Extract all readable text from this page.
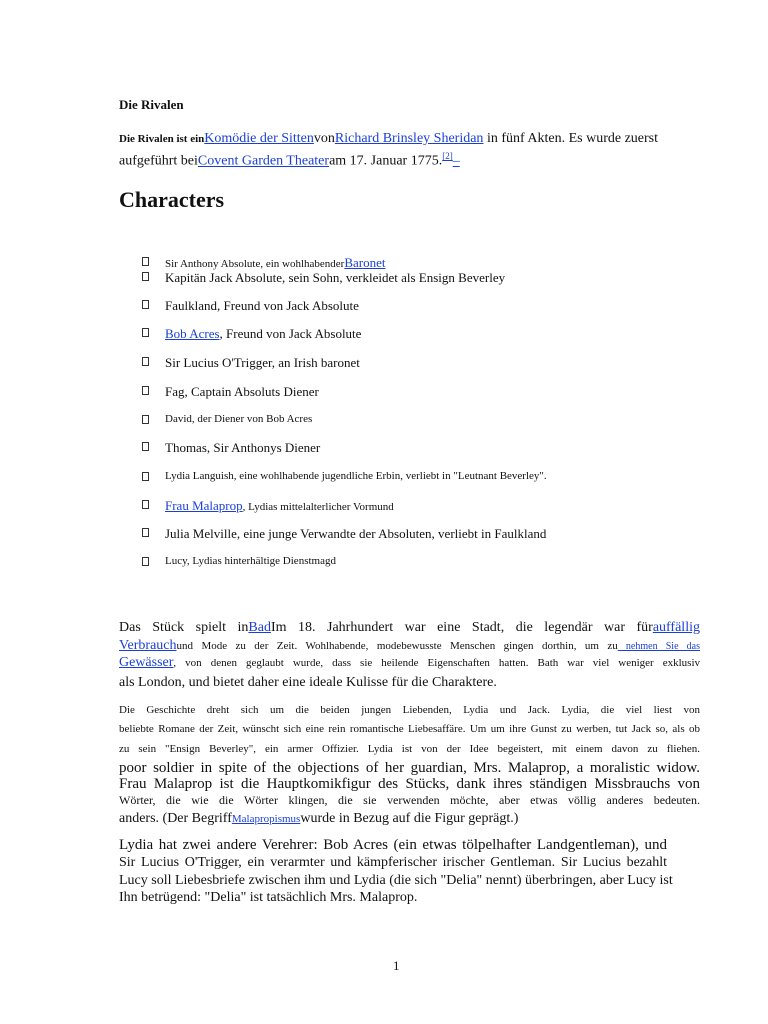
Die Rivalen
Die Rivalen ist einKomödie der SittenvonRichard Brinsley Sheridan in fünf Akten. Es wurde zuerst
aufgeführt beiCovent Garden Theateram 17. Januar 1775.[2]–
Characters
Sir Anthony Absolute, ein wohlhabenderBaronet
Kapitän Jack Absolute, sein Sohn, verkleidet als Ensign Beverley
Faulkland, Freund von Jack Absolute
Bob Acres, Freund von Jack Absolute
Sir Lucius O'Trigger, an Irish baronet
Fag, Captain Absoluts Diener
David, der Diener von Bob Acres
Thomas, Sir Anthonys Diener
Lydia Languish, eine wohlhabende jugendliche Erbin, verliebt in "Leutnant Beverley".
Frau Malaprop, Lydias mittelalterlicher Vormund
Julia Melville, eine junge Verwandte der Absoluten, verliebt in Faulkland
Lucy, Lydias hinterhältige Dienstmagd
Das Stück spielt inBadIm 18. Jahrhundert war eine Stadt, die legendär war fürauffällig
Verbrauchund Mode zu der Zeit. Wohlhabende, modebewusste Menschen gingen dorthin, um zu nehmen Sie das
Gewässer, von denen geglaubt wurde, dass sie heilende Eigenschaften hatten. Bath war viel weniger exklusiv
als London, und bietet daher eine ideale Kulisse für die Charaktere.
Die Geschichte dreht sich um die beiden jungen Liebenden, Lydia und Jack. Lydia, die viel liest von
beliebte Romane der Zeit, wünscht sich eine rein romantische Liebesaffäre. Um um ihre Gunst zu werben, tut Jack so, als ob
zu sein "Ensign Beverley", ein armer Offizier. Lydia ist von der Idee begeistert, mit einem davon zu fliehen.
poor soldier in spite of the objections of her guardian, Mrs. Malaprop, a moralistic widow.
Frau Malaprop ist die Hauptkomikfigur des Stücks, dank ihres ständigen Missbrauchs von
Wörter, die wie die Wörter klingen, die sie verwenden möchte, aber etwas völlig anderes bedeuten.
anders. (Der BegriffMalapropismuswurde in Bezug auf die Figur geprägt.)
Lydia hat zwei andere Verehrer: Bob Acres (ein etwas tölpelhafter Landgentleman), und
Sir Lucius O'Trigger, ein verarmter und kämpferischer irischer Gentleman. Sir Lucius bezahlt
Lucy soll Liebesbriefe zwischen ihm und Lydia (die sich "Delia" nennt) überbringen, aber Lucy ist
Ihn betrügend: "Delia" ist tatsächlich Mrs. Malaprop.
1
